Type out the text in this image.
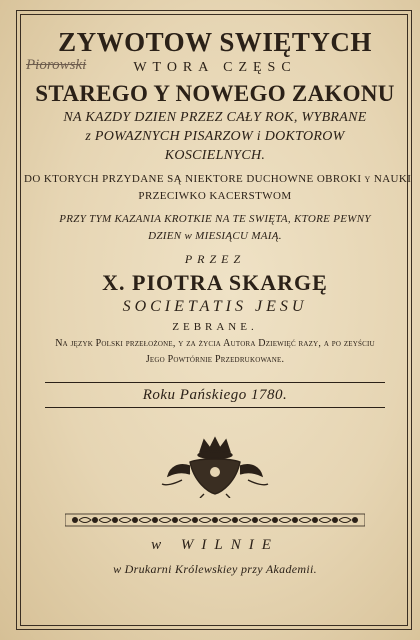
ZYWOTOW SWIĘTYCH
Piorowski	WTORA CZĘSC
STAREGO Y NOWEGO ZAKONU
NA KAZDY DZIEN PRZEZ CAŁY ROK, WYBRANE
z POWAZNYCH PISARZOW i DOKTOROW
KOSCIELNYCH.
DO KTORYCH PRZYDANE SĄ NIEKTORE DUCHOWNE OBROKI y NAUKI
PRZECIWKO KACERSTWOM
PRZY TYM KAZANIA KROTKIE NA TE SWIĘTA, KTORE PEWNY
DZIEN w MIESIĄCU MAIĄ.
PRZEZ
X. PIOTRA SKARGĘ
SOCIETATIS JESU
ZEBRANE.
Na język Polski przełożone, y za życia Autora Dziewięć razy, a po zeyściu
Jego Powtórnie Przedrukowane.
Roku Pańskiego 1780.
w WILNIE
w Drukarni Królewskiey przy Akademii.
